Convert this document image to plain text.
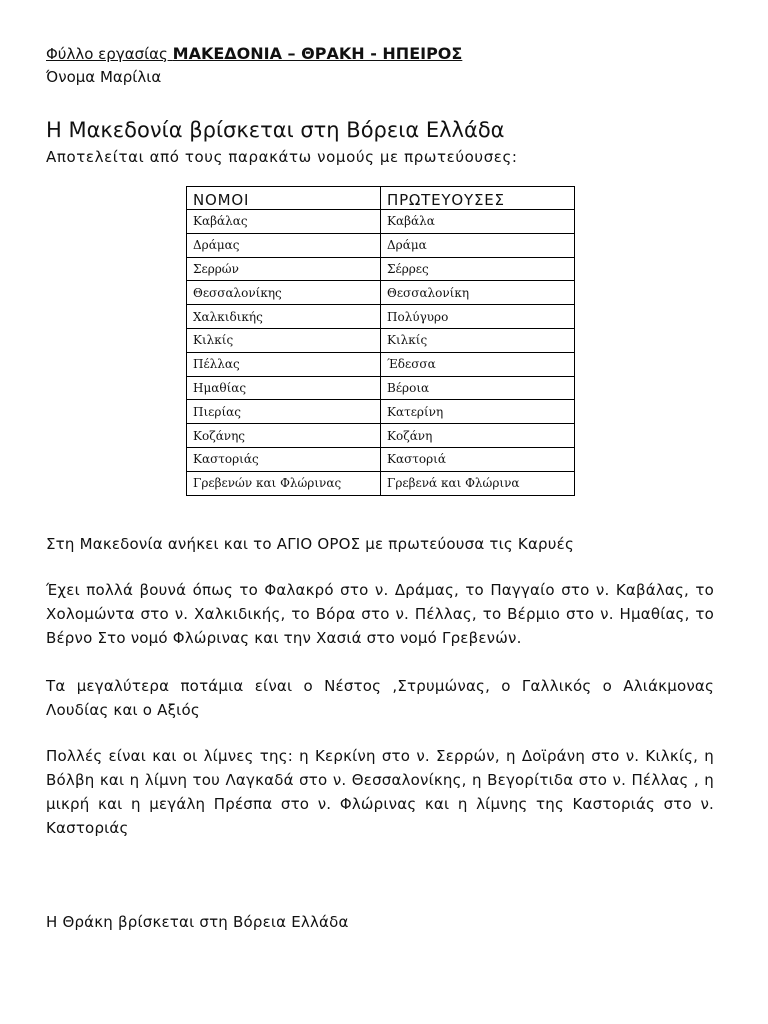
Φύλλο εργασίας ΜΑΚΕΔΟΝΙΑ – ΘΡΑΚΗ - ΗΠΕΙΡΟΣ
Όνομα Μαρίλια
Η Μακεδονία βρίσκεται στη Βόρεια Ελλάδα
Αποτελείται από τους παρακάτω νομούς με πρωτεύουσες:
ΝΟΜΟΙ	ΠΡΩΤΕΥΟΥΣΕΣ
Καβάλας	Καβάλα
Δράμας	Δράμα
Σερρών	Σέρρες
Θεσσαλονίκης	Θεσσαλονίκη
Χαλκιδικής	Πολύγυρο
Κιλκίς	Κιλκίς
Πέλλας	Έδεσσα
Ημαθίας	Βέροια
Πιερίας	Κατερίνη
Κοζάνης	Κοζάνη
Καστοριάς	Καστοριά
Γρεβενών και Φλώρινας	Γρεβενά και Φλώρινα
Στη Μακεδονία ανήκει και το ΑΓΙΟ ΟΡΟΣ με πρωτεύουσα τις Καρυές
Έχει πολλά βουνά όπως το Φαλακρό στο ν. Δράμας, το Παγγαίο στο ν. Καβάλας, το Χολομώντα στο ν. Χαλκιδικής, το Βόρα στο ν. Πέλλας, το Βέρμιο στο ν. Ημαθίας, το Βέρνο Στο νομό Φλώρινας και την Χασιά στο νομό Γρεβενών.
Τα μεγαλύτερα ποτάμια είναι ο Νέστος ,Στρυμώνας, ο Γαλλικός ο Αλιάκμονας Λουδίας και ο Αξιός
Πολλές είναι και οι λίμνες της: η Κερκίνη στο ν. Σερρών, η Δοϊράνη στο ν. Κιλκίς, η Βόλβη και η λίμνη του Λαγκαδά στο ν. Θεσσαλονίκης, η Βεγορίτιδα στο ν. Πέλλας , η μικρή και η μεγάλη Πρέσπα στο ν. Φλώρινας και η λίμνης της Καστοριάς στο ν. Καστοριάς
Η Θράκη βρίσκεται στη Βόρεια Ελλάδα
